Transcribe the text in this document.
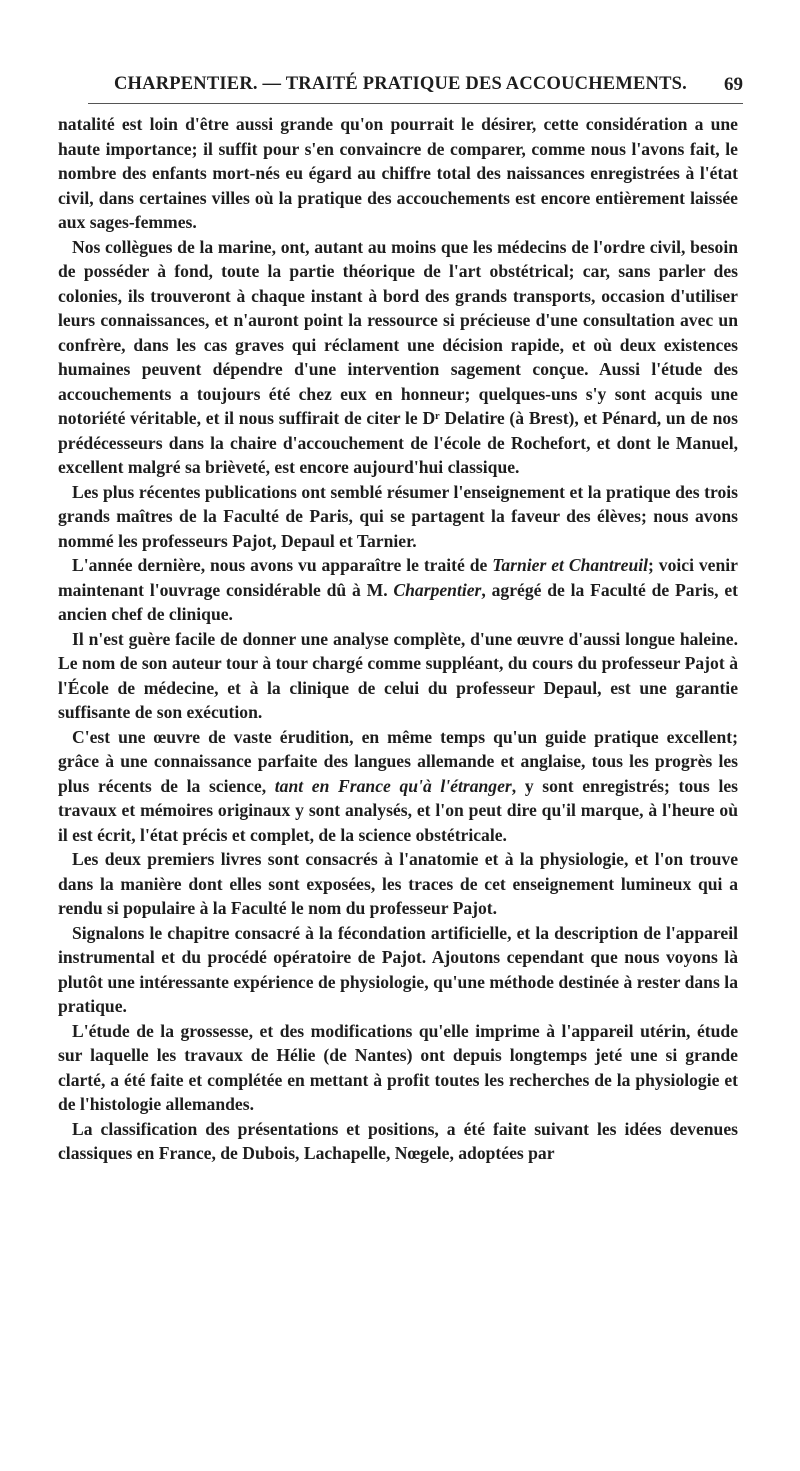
CHARPENTIER. — TRAITÉ PRATIQUE DES ACCOUCHEMENTS. 69

natalité est loin d'être aussi grande qu'on pourrait le désirer, cette considération a une haute importance; il suffit pour s'en convaincre de comparer, comme nous l'avons fait, le nombre des enfants mort-nés eu égard au chiffre total des naissances enregistrées à l'état civil, dans certaines villes où la pratique des accouchements est encore entièrement laissée aux sages-femmes.

Nos collègues de la marine, ont, autant au moins que les médecins de l'ordre civil, besoin de posséder à fond, toute la partie théorique de l'art obstétrical; car, sans parler des colonies, ils trouveront à chaque instant à bord des grands transports, occasion d'utiliser leurs connaissances, et n'auront point la ressource si précieuse d'une consultation avec un confrère, dans les cas graves qui réclament une décision rapide, et où deux existences humaines peuvent dépendre d'une intervention sagement conçue. Aussi l'étude des accouchements a toujours été chez eux en honneur; quelques-uns s'y sont acquis une notoriété véritable, et il nous suffirait de citer le Dʳ Delatire (à Brest), et Pénard, un de nos prédécesseurs dans la chaire d'accouchement de l'école de Rochefort, et dont le Manuel, excellent malgré sa brièveté, est encore aujourd'hui classique.

Les plus récentes publications ont semblé résumer l'enseignement et la pratique des trois grands maîtres de la Faculté de Paris, qui se partagent la faveur des élèves; nous avons nommé les professeurs Pajot, Depaul et Tarnier.

L'année dernière, nous avons vu apparaître le traité de Tarnier et Chantreuil; voici venir maintenant l'ouvrage considérable dû à M. Charpentier, agrégé de la Faculté de Paris, et ancien chef de clinique.

Il n'est guère facile de donner une analyse complète, d'une œuvre d'aussi longue haleine. Le nom de son auteur tour à tour chargé comme suppléant, du cours du professeur Pajot à l'École de médecine, et à la clinique de celui du professeur Depaul, est une garantie suffisante de son exécution.

C'est une œuvre de vaste érudition, en même temps qu'un guide pratique excellent; grâce à une connaissance parfaite des langues allemande et anglaise, tous les progrès les plus récents de la science, tant en France qu'à l'étranger, y sont enregistrés; tous les travaux et mémoires originaux y sont analysés, et l'on peut dire qu'il marque, à l'heure où il est écrit, l'état précis et complet, de la science obstétricale.

Les deux premiers livres sont consacrés à l'anatomie et à la physiologie, et l'on trouve dans la manière dont elles sont exposées, les traces de cet enseignement lumineux qui a rendu si populaire à la Faculté le nom du professeur Pajot.

Signalons le chapitre consacré à la fécondation artificielle, et la description de l'appareil instrumental et du procédé opératoire de Pajot. Ajoutons cependant que nous voyons là plutôt une intéressante expérience de physiologie, qu'une méthode destinée à rester dans la pratique.

L'étude de la grossesse, et des modifications qu'elle imprime à l'appareil utérin, étude sur laquelle les travaux de Hélie (de Nantes) ont depuis longtemps jeté une si grande clarté, a été faite et complétée en mettant à profit toutes les recherches de la physiologie et de l'histologie allemandes.

La classification des présentations et positions, a été faite suivant les idées devenues classiques en France, de Dubois, Lachapelle, Nœgele, adoptées par
